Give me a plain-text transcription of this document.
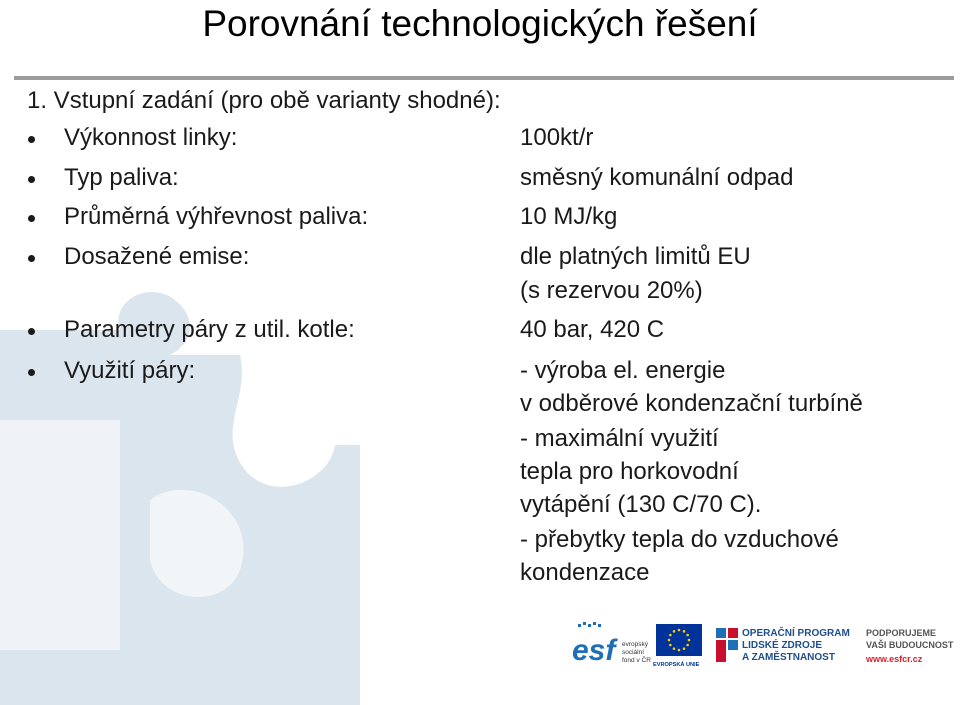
Porovnání technologických řešení
1. Vstupní zadání (pro obě varianty shodné):
Výkonnost linky:	100kt/r
Typ paliva:	směsný komunální odpad
Průměrná výhřevnost paliva:	10 MJ/kg
Dosažené emise:	dle platných limitů EU
(s rezervou 20%)
Parametry páry z util. kotle:	40 bar, 420 C
Využití páry:	- výroba el. energie
v odběrové kondenzační turbíně
- maximální využití
tepla pro horkovodní
vytápění (130 C/70 C).
- přebytky tepla do vzduchové
kondenzace
esf	evropský
sociální
fond v ČR
EVROPSKÁ UNIE
OPERAČNÍ PROGRAM
LIDSKÉ ZDROJE
A ZAMĚSTNANOST
PODPORUJEME
VAŠI BUDOUCNOST
www.esfcr.cz
